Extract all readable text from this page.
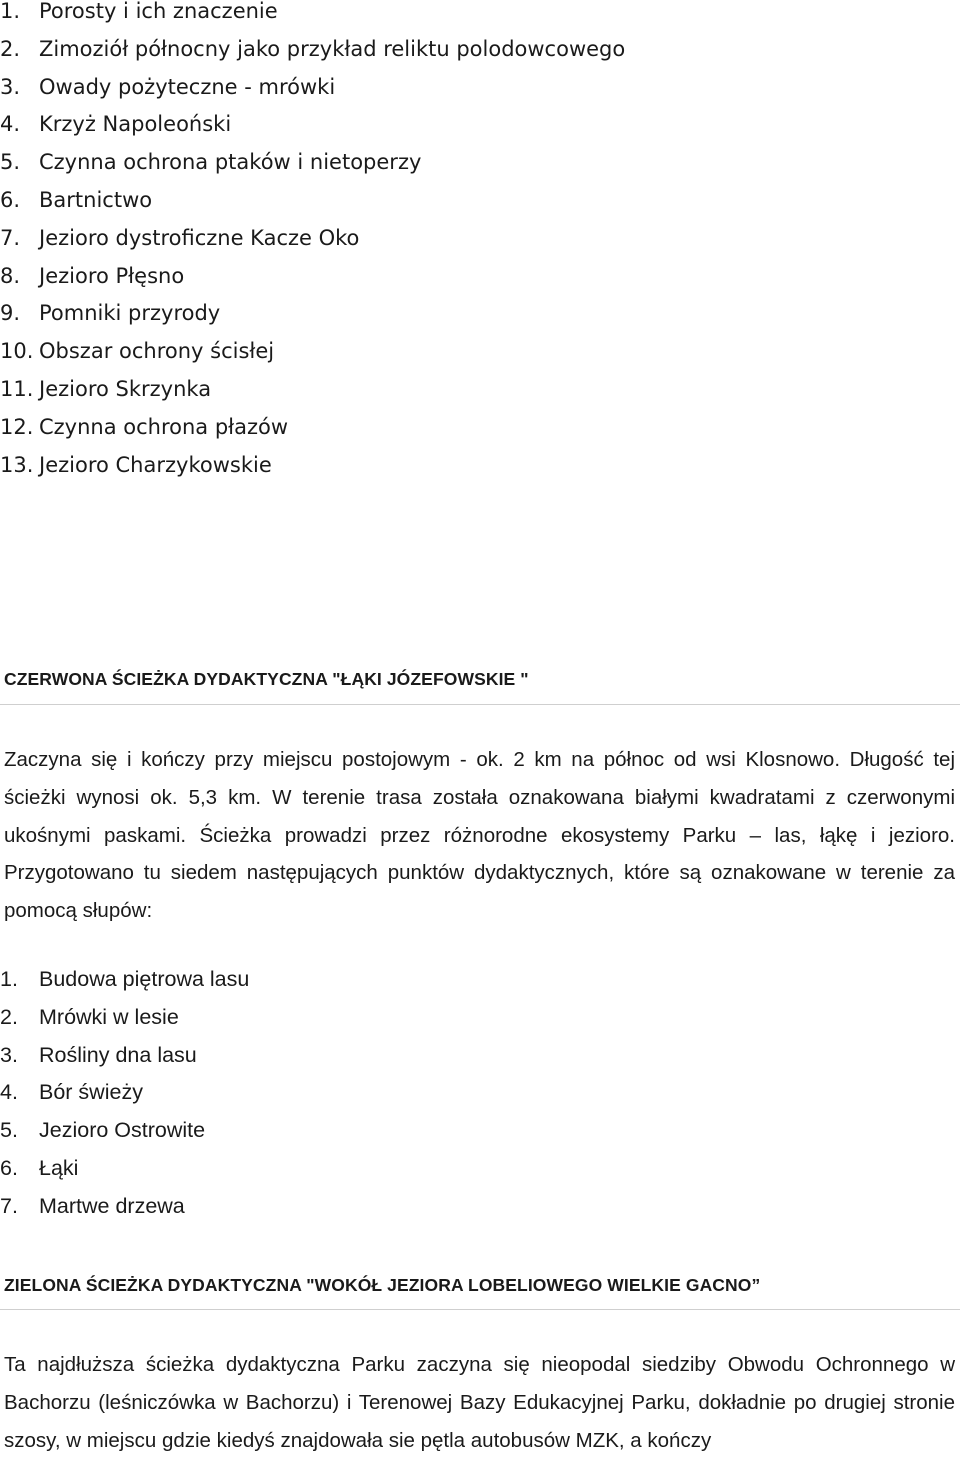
1. Porosty i ich znaczenie
2. Zimoziół północny jako przykład reliktu polodowcowego
3. Owady pożyteczne - mrówki
4. Krzyż Napoleoński
5. Czynna ochrona ptaków i nietoperzy
6. Bartnictwo
7. Jezioro dystroficzne Kacze Oko
8. Jezioro Płęsno
9. Pomniki przyrody
10. Obszar ochrony ścisłej
11. Jezioro Skrzynka
12. Czynna ochrona płazów
13. Jezioro Charzykowskie
CZERWONA ŚCIEŻKA DYDAKTYCZNA "ŁĄKI JÓZEFOWSKIE "

Zaczyna się i kończy przy miejscu postojowym - ok. 2 km na północ od wsi Klosnowo. Długość tej ścieżki wynosi ok. 5,3 km. W terenie trasa została oznakowana białymi kwadratami z czerwonymi ukośnymi paskami. Ścieżka prowadzi przez różnorodne ekosystemy Parku – las, łąkę i jezioro. Przygotowano tu siedem następujących punktów dydaktycznych, które są oznakowane w terenie za pomocą słupów:

1. Budowa piętrowa lasu
2. Mrówki w lesie
3. Rośliny dna lasu
4. Bór świeży
5. Jezioro Ostrowite
6. Łąki
7. Martwe drzewa
ZIELONA ŚCIEŻKA DYDAKTYCZNA "WOKÓŁ JEZIORA LOBELIOWEGO WIELKIE GACNO”

Ta najdłuższa ścieżka dydaktyczna Parku zaczyna się nieopodal siedziby Obwodu Ochronnego w Bachorzu (leśniczówka w Bachorzu) i Terenowej Bazy Edukacyjnej Parku, dokładnie po drugiej stronie szosy, w miejscu gdzie kiedyś znajdowała sie pętla autobusów MZK, a kończy
